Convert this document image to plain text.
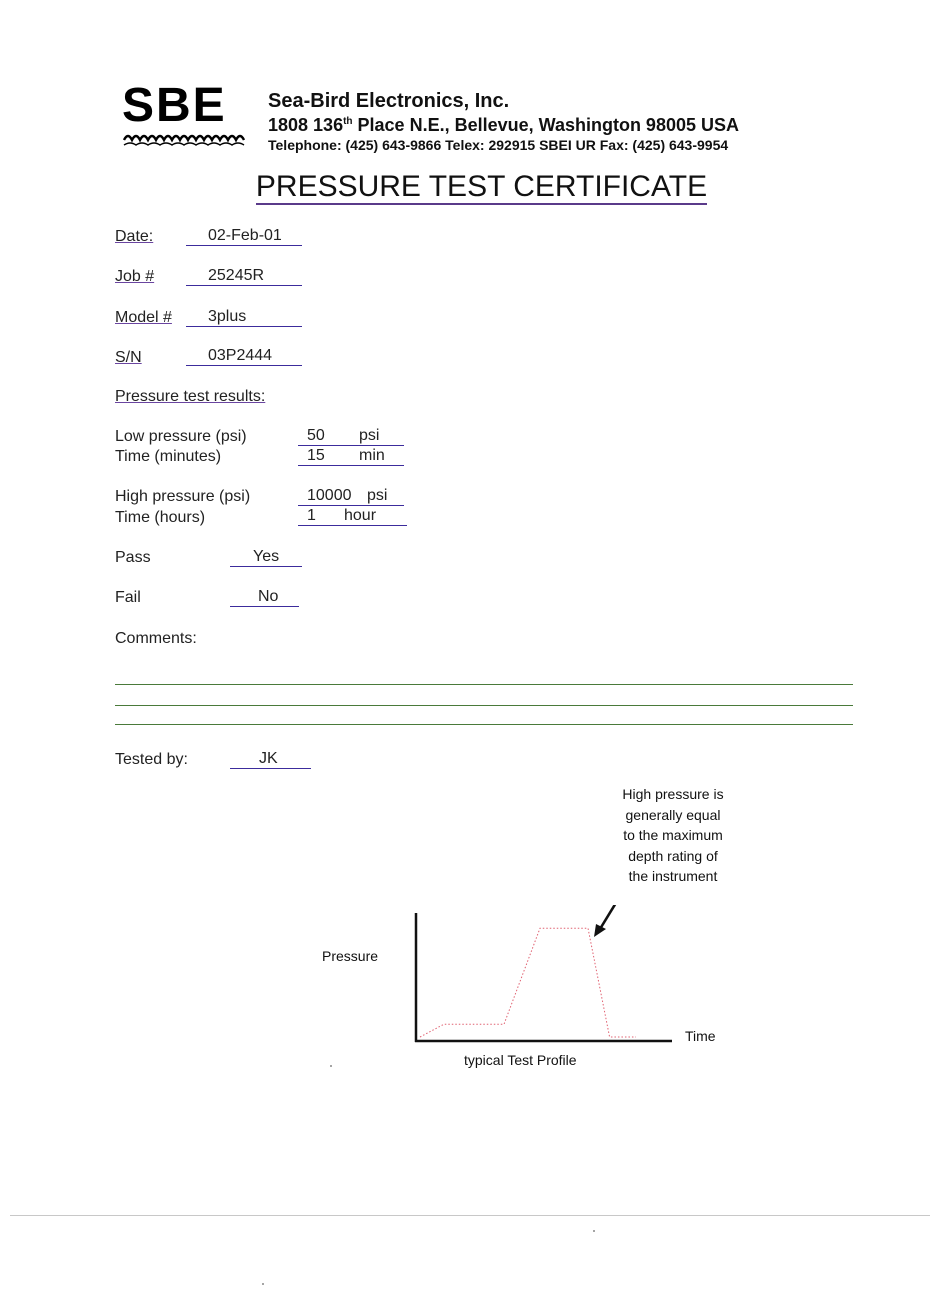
SBE Sea-Bird Electronics, Inc.
1808 136th Place N.E., Bellevue, Washington 98005 USA
Telephone: (425) 643-9866 Telex: 292915 SBEI UR Fax: (425) 643-9954
PRESSURE TEST CERTIFICATE
Date:	02-Feb-01
Job #	25245R
Model #	3plus
S/N	03P2444
Pressure test results:
Low pressure (psi)	50 psi
Time (minutes)	15 min
High pressure (psi)	10000 psi
Time (hours)	1 hour
Pass	Yes
Fail	No
Comments:
Tested by:	JK
High pressure is
generally equal
to the maximum
depth rating of
the instrument
Pressure
Time
typical Test Profile
